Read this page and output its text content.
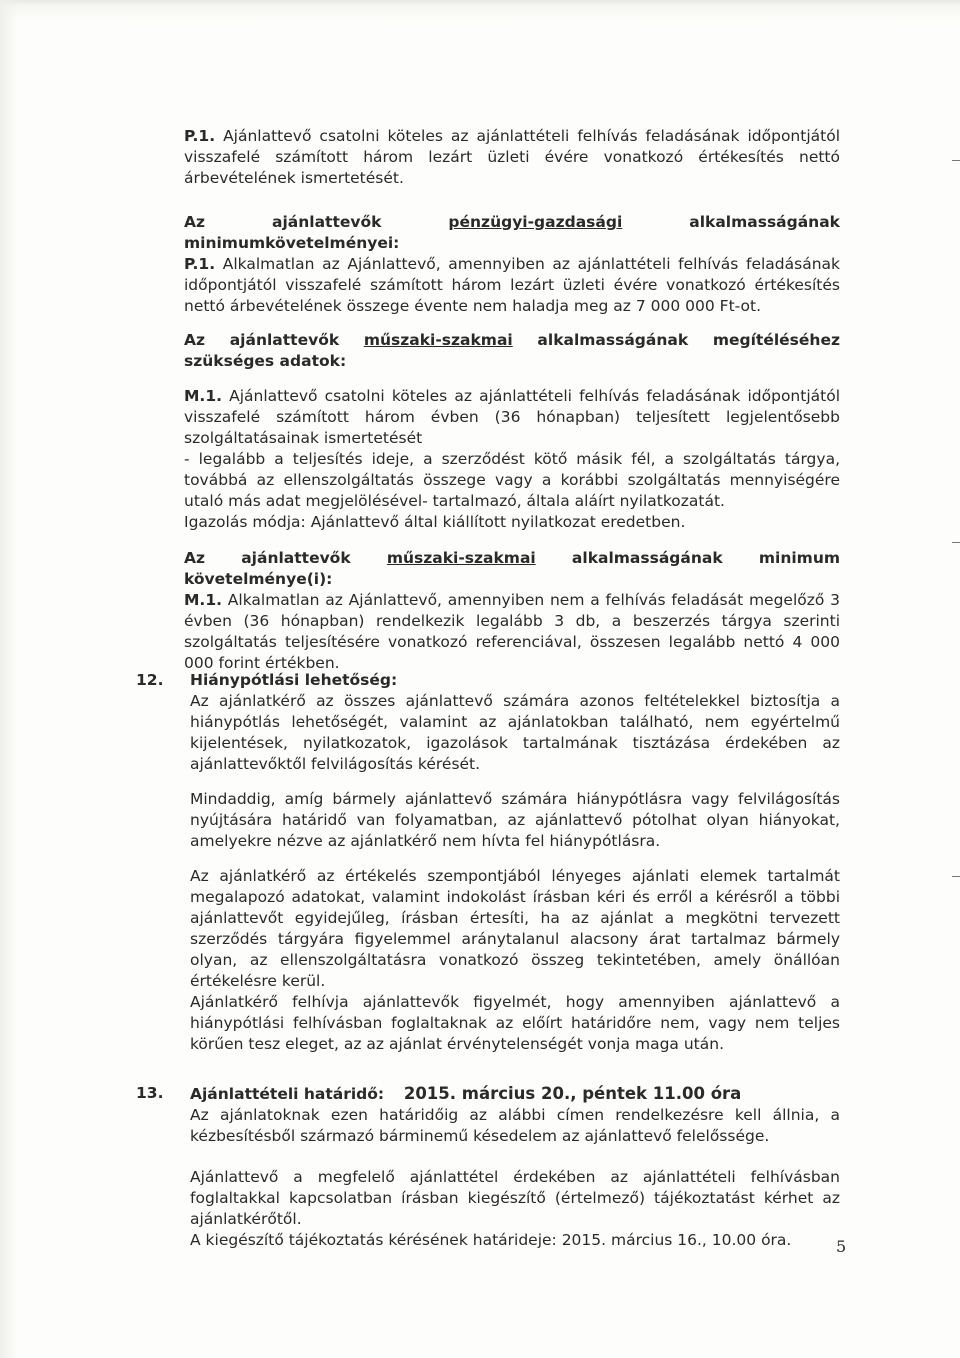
P.1. Ajánlattevő csatolni köteles az ajánlattételi felhívás feladásának időpontjától visszafelé számított három lezárt üzleti évére vonatkozó értékesítés nettó árbevételének ismertetését.

Az ajánlattevők pénzügyi-gazdasági alkalmasságának minimumkövetelményei:

P.1. Alkalmatlan az Ajánlattevő, amennyiben az ajánlattételi felhívás feladásának időpontjától visszafelé számított három lezárt üzleti évére vonatkozó értékesítés nettó árbevételének összege évente nem haladja meg az 7 000 000 Ft-ot.

Az ajánlattevők műszaki-szakmai alkalmasságának megítéléséhez szükséges adatok:

M.1. Ajánlattevő csatolni köteles az ajánlattételi felhívás feladásának időpontjától visszafelé számított három évben (36 hónapban) teljesített legjelentősebb szolgáltatásainak ismertetését

- legalább a teljesítés ideje, a szerződést kötő másik fél, a szolgáltatás tárgya, továbbá az ellenszolgáltatás összege vagy a korábbi szolgáltatás mennyiségére utaló más adat megjelölésével- tartalmazó, általa aláírt nyilatkozatát.

Igazolás módja: Ajánlattevő által kiállított nyilatkozat eredetben.

Az ajánlattevők műszaki-szakmai alkalmasságának minimum követelménye(i):

M.1. Alkalmatlan az Ajánlattevő, amennyiben nem a felhívás feladását megelőző 3 évben (36 hónapban) rendelkezik legalább 3 db, a beszerzés tárgya szerinti szolgáltatás teljesítésére vonatkozó referenciával, összesen legalább nettó 4 000 000 forint értékben.

12. Hiánypótlási lehetőség:

Az ajánlatkérő az összes ajánlattevő számára azonos feltételekkel biztosítja a hiánypótlás lehetőségét, valamint az ajánlatokban található, nem egyértelmű kijelentések, nyilatkozatok, igazolások tartalmának tisztázása érdekében az ajánlattevőktől felvilágosítás kérését.

Mindaddig, amíg bármely ajánlattevő számára hiánypótlásra vagy felvilágosítás nyújtására határidő van folyamatban, az ajánlattevő pótolhat olyan hiányokat, amelyekre nézve az ajánlatkérő nem hívta fel hiánypótlásra.

Az ajánlatkérő az értékelés szempontjából lényeges ajánlati elemek tartalmát megalapozó adatokat, valamint indokolást írásban kéri és erről a kérésről a többi ajánlattevőt egyidejűleg, írásban értesíti, ha az ajánlat a megkötni tervezett szerződés tárgyára figyelemmel aránytalanul alacsony árat tartalmaz bármely olyan, az ellenszolgáltatásra vonatkozó összeg tekintetében, amely önállóan értékelésre kerül.

Ajánlatkérő felhívja ajánlattevők figyelmét, hogy amennyiben ajánlattevő a hiánypótlási felhívásban foglaltaknak az előírt határidőre nem, vagy nem teljes körűen tesz eleget, az az ajánlat érvénytelenségét vonja maga után.

13. Ajánlattételi határidő: 2015. március 20., péntek 11.00 óra

Az ajánlatoknak ezen határidőig az alábbi címen rendelkezésre kell állnia, a kézbesítésből származó bárminemű késedelem az ajánlattevő felelőssége.

Ajánlattevő a megfelelő ajánlattétel érdekében az ajánlattételi felhívásban foglaltakkal kapcsolatban írásban kiegészítő (értelmező) tájékoztatást kérhet az ajánlatkérőtől.

A kiegészítő tájékoztatás kérésének határideje: 2015. március 16., 10.00 óra.	5
